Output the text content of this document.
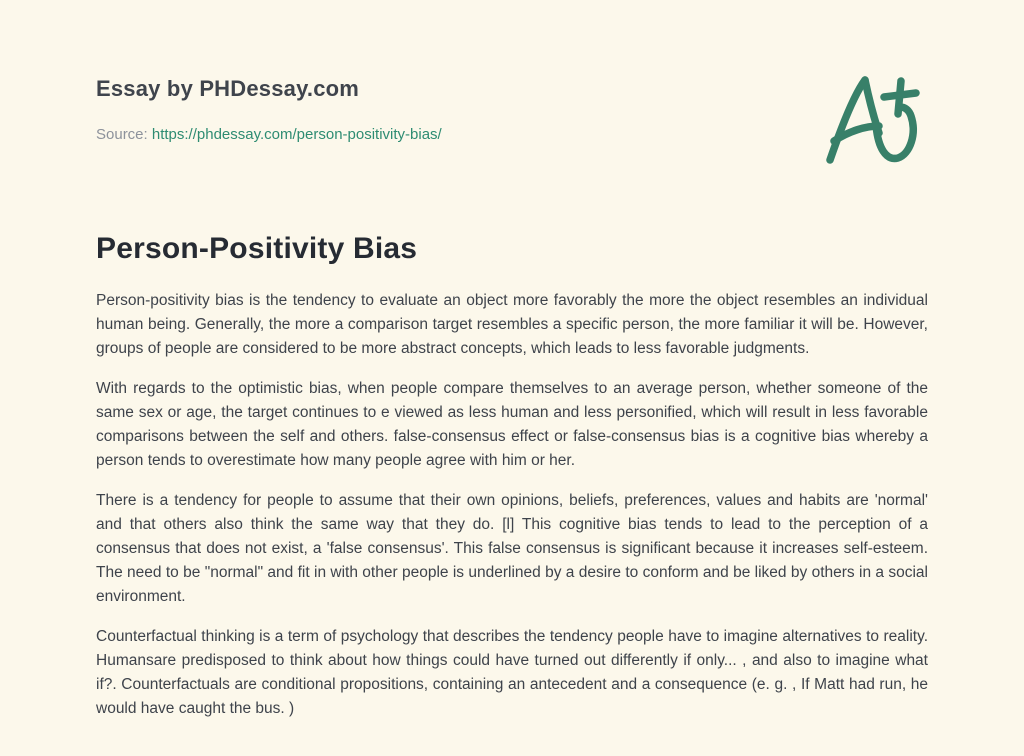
Essay by PHDessay.com
Source: https://phdessay.com/person-positivity-bias/
Person-Positivity Bias

Person-positivity bias is the tendency to evaluate an object more favorably the more the object resembles an individual human being. Generally, the more a comparison target resembles a specific person, the more familiar it will be. However, groups of people are considered to be more abstract concepts, which leads to less favorable judgments.

With regards to the optimistic bias, when people compare themselves to an average person, whether someone of the same sex or age, the target continues to e viewed as less human and less personified, which will result in less favorable comparisons between the self and others. false-consensus effect or false-consensus bias is a cognitive bias whereby a person tends to overestimate how many people agree with him or her.

There is a tendency for people to assume that their own opinions, beliefs, preferences, values and habits are 'normal' and that others also think the same way that they do. [l] This cognitive bias tends to lead to the perception of a consensus that does not exist, a 'false consensus'. This false consensus is significant because it increases self-esteem. The need to be "normal" and fit in with other people is underlined by a desire to conform and be liked by others in a social environment.

Counterfactual thinking is a term of psychology that describes the tendency people have to imagine alternatives to reality. Humansare predisposed to think about how things could have turned out differently if only... , and also to imagine what if?. Counterfactuals are conditional propositions, containing an antecedent and a consequence (e. g. , If Matt had run, he would have caught the bus. )
